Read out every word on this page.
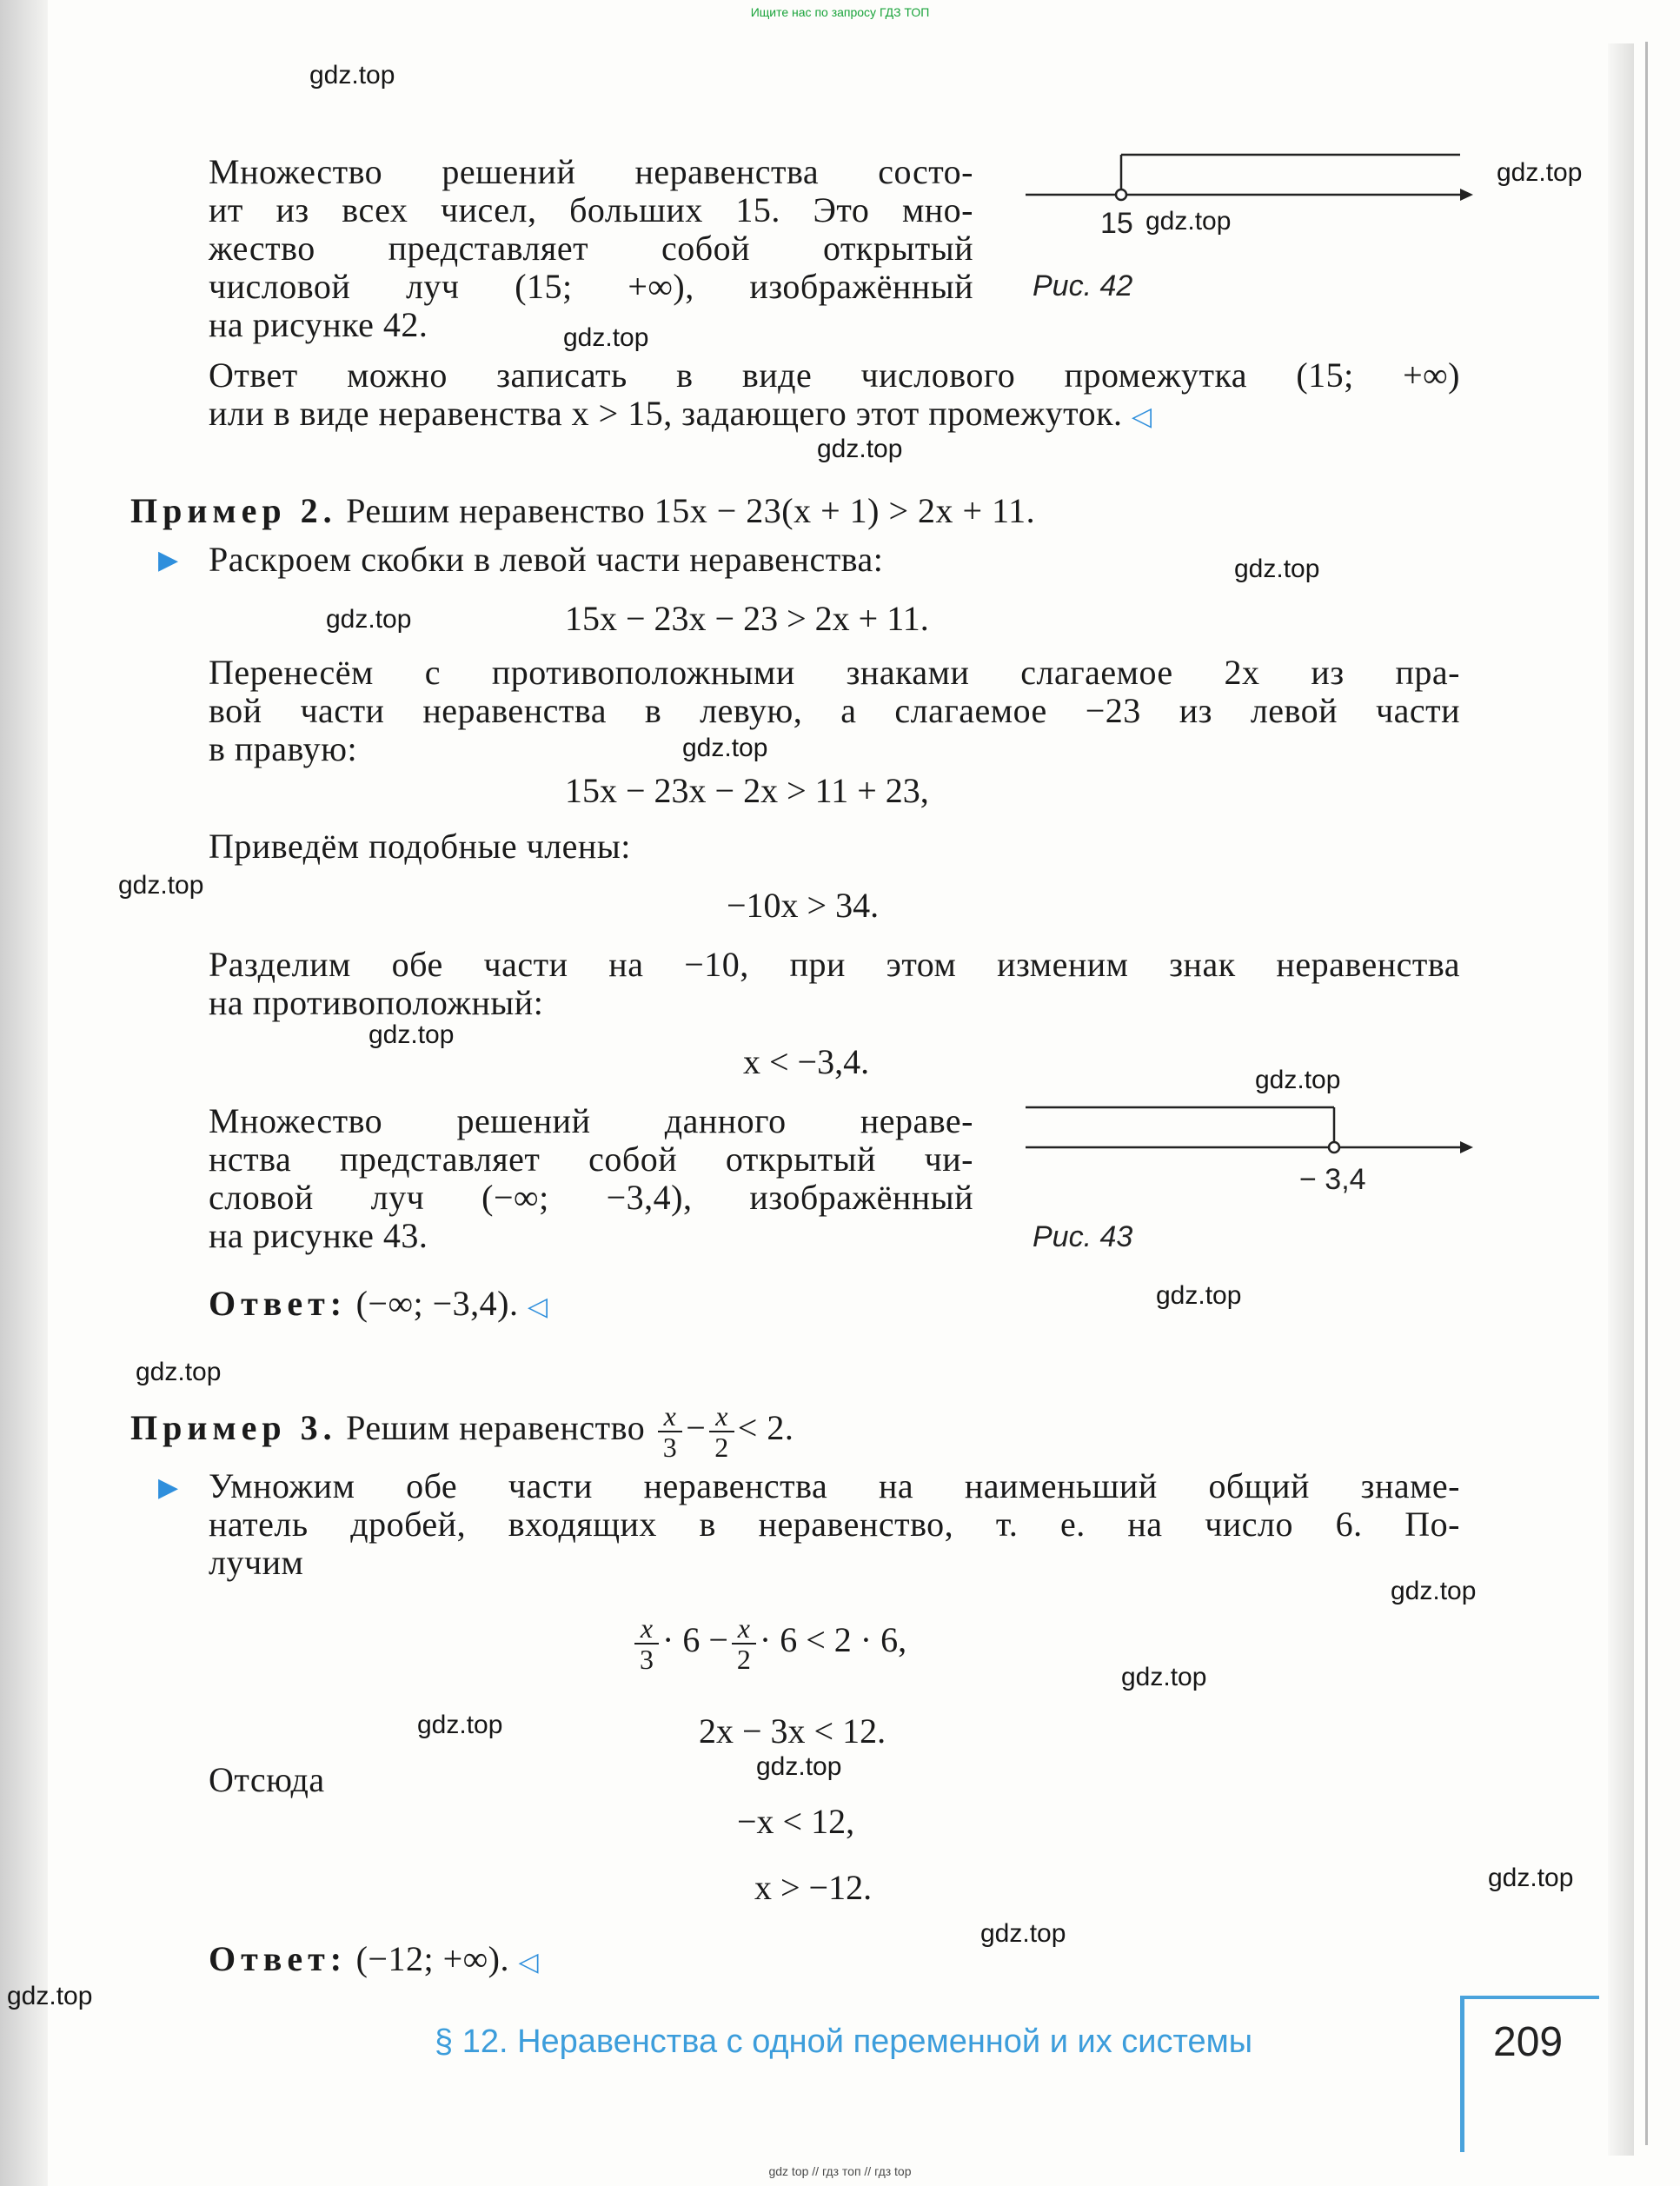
Ищите нас по запросу ГДЗ ТОП
gdz.top
gdz.top
gdz.top
gdz.top
gdz.top
gdz.top
gdz.top
gdz.top
gdz.top
gdz.top
gdz.top
gdz.top
gdz.top
gdz.top
gdz.top
gdz.top
gdz.top
gdz.top
gdz.top
gdz.top
Множество решений неравенства состо-
ит из всех чисел, больших 15. Это мно-
жество представляет собой открытый
числовой луч (15; +∞), изображённый
на рисунке 42.
15
Рис. 42
Ответ можно записать в виде числового промежутка (15; +∞)
или в виде неравенства x > 15, задающего этот промежуток. ◁
Пример 2. Решим неравенство 15x − 23(x + 1) > 2x + 11.
▶ Раскроем скобки в левой части неравенства:
15x − 23x − 23 > 2x + 11.
Перенесём с противоположными знаками слагаемое 2x из пра-
вой части неравенства в левую, а слагаемое −23 из левой части
в правую:
15x − 23x − 2x > 11 + 23,
Приведём подобные члены:
−10x > 34.
Разделим обе части на −10, при этом изменим знак неравенства
на противоположный:
x < −3,4.
Множество решений данного нераве-
нства представляет собой открытый чи-
словой луч (−∞; −3,4), изображённый
на рисунке 43.
− 3,4
Рис. 43
Ответ: (−∞; −3,4). ◁
Пример 3. Решим неравенство $\frac{x}{3} - \frac{x}{2} < 2$.
▶ Умножим обе части неравенства на наименьший общий знаме-
натель дробей, входящих в неравенство, т. е. на число 6. По-
лучим
$\frac{x}{3} \cdot 6 - \frac{x}{2} \cdot 6 < 2 \cdot 6$,
2x − 3x < 12.
Отсюда
−x < 12,
x > −12.
Ответ: (−12; +∞). ◁
§ 12. Неравенства с одной переменной и их системы	209
gdz top // гдз топ // гдз top
